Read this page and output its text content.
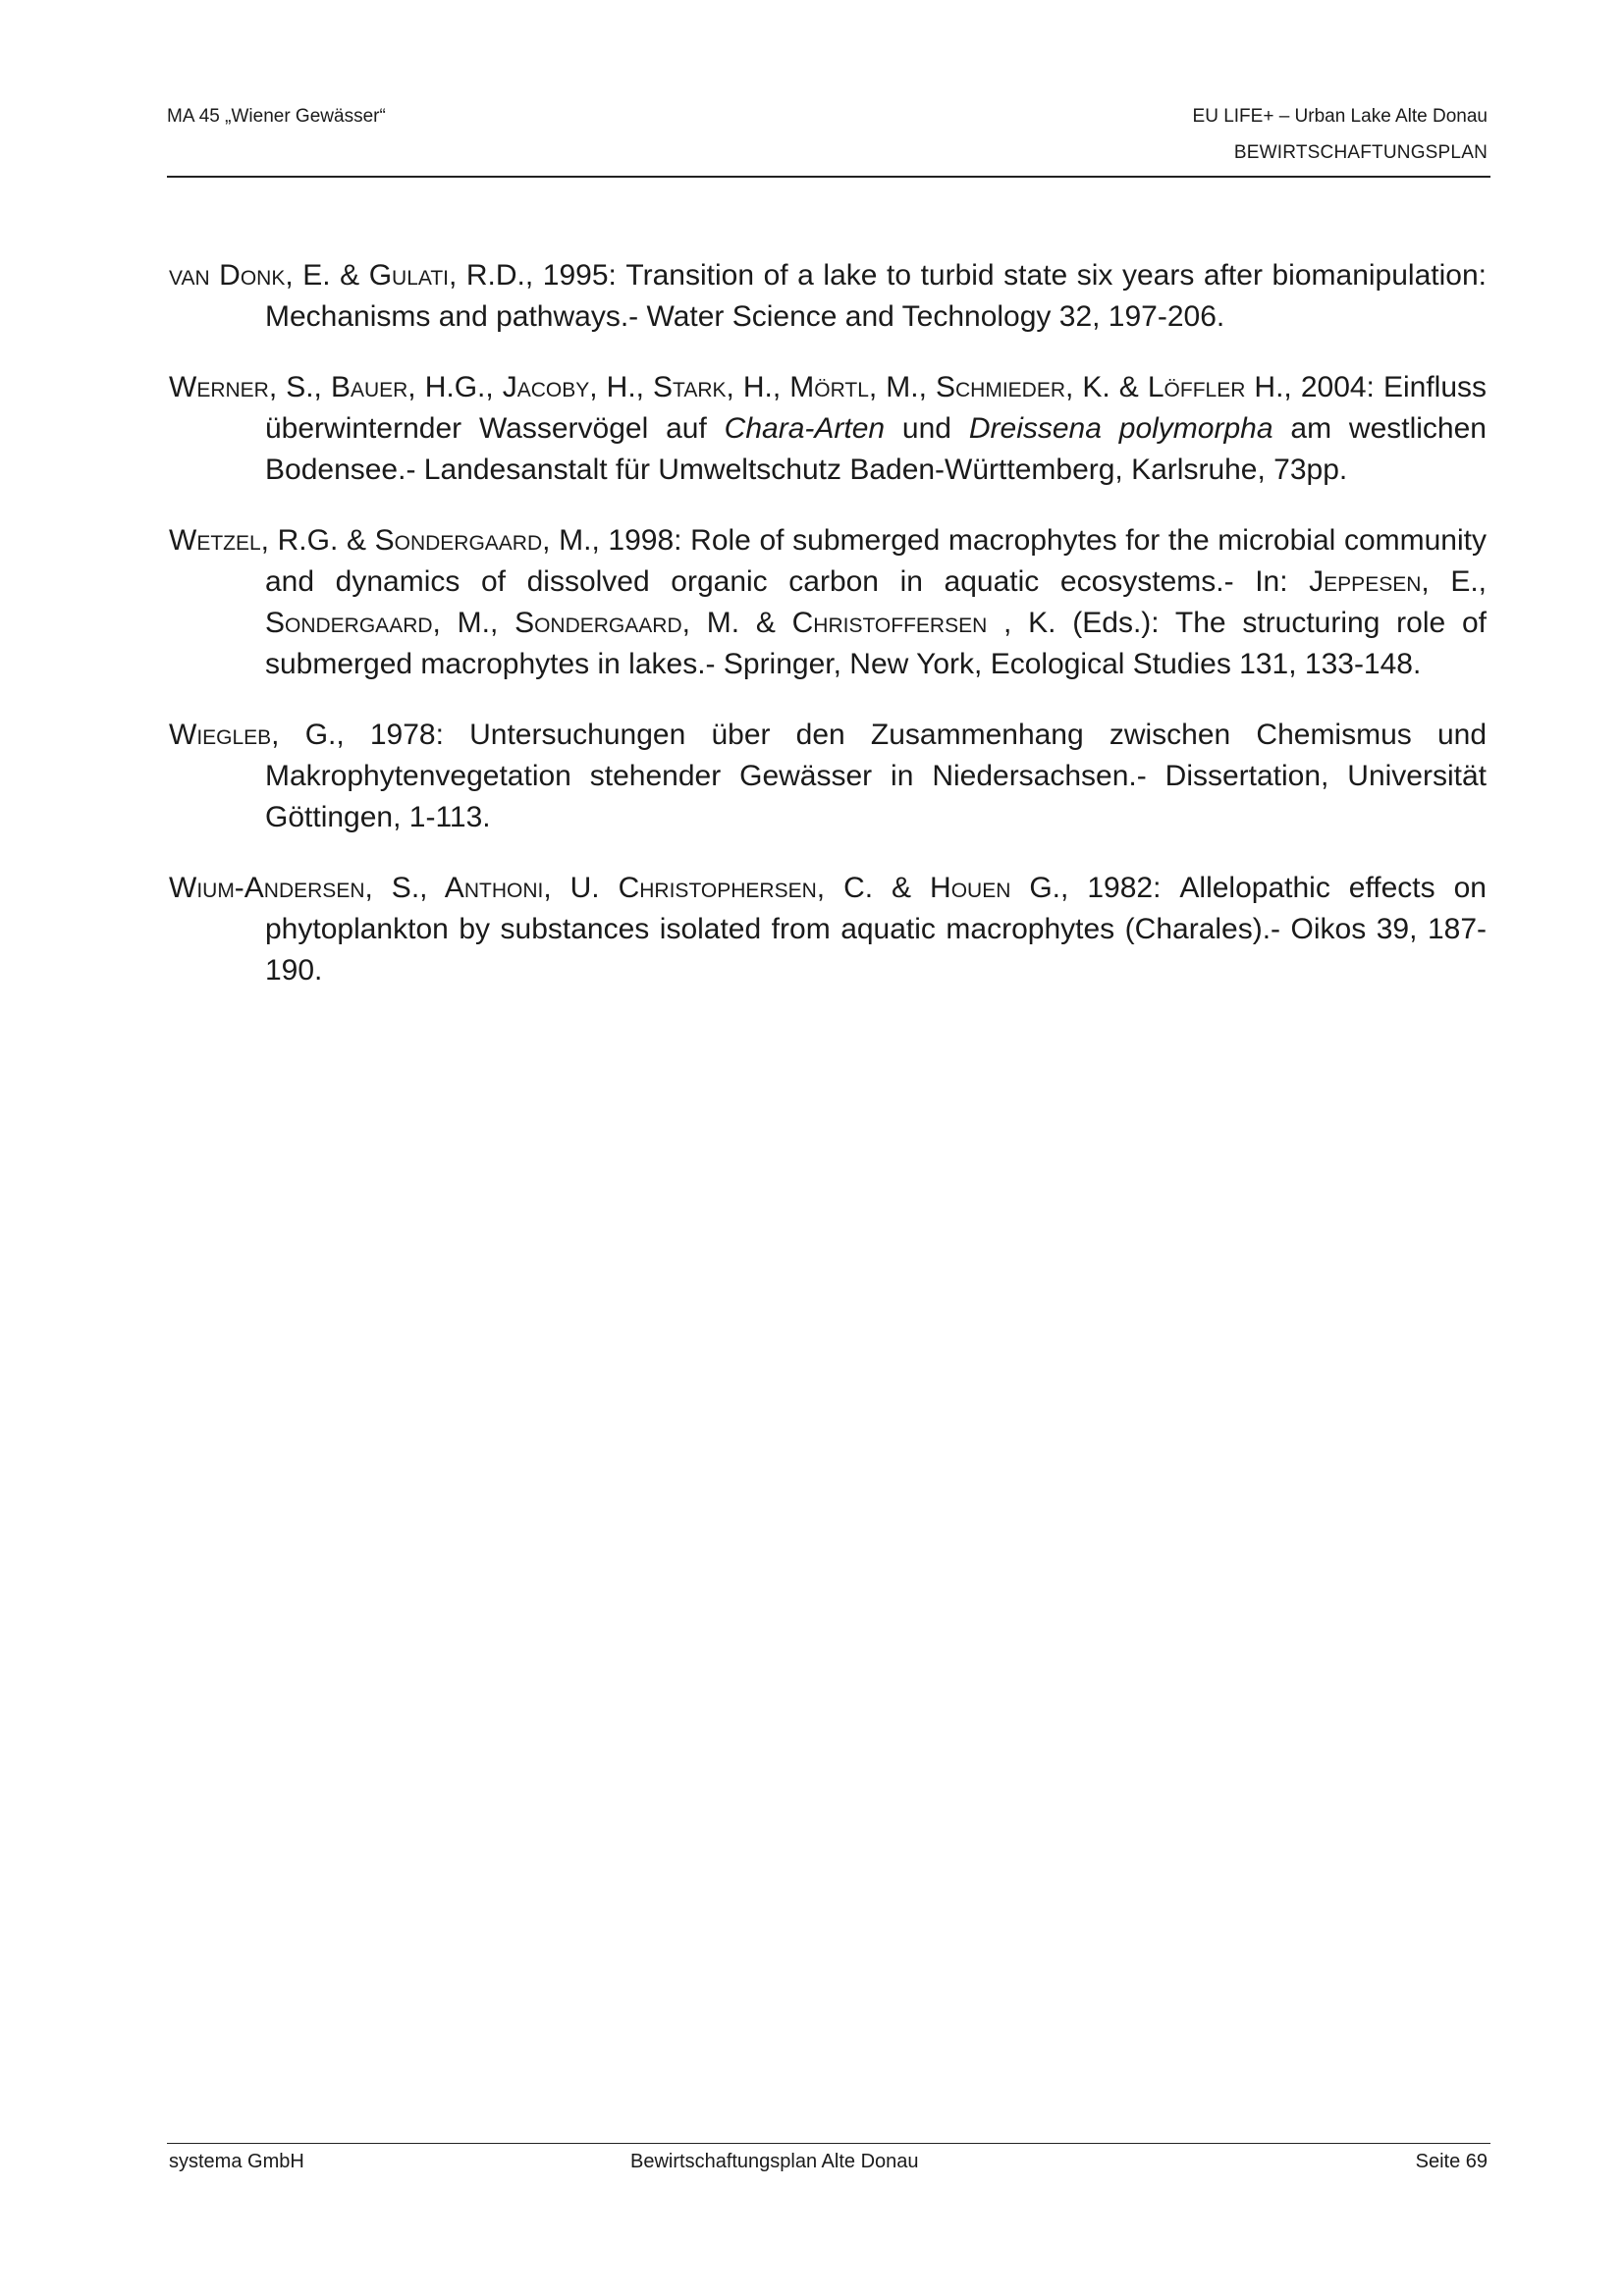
MA 45 „Wiener Gewässer“	EU LIFE+ – Urban Lake Alte Donau
BEWIRTSCHAFTUNGSPLAN

van Donk, E. & Gulati, R.D., 1995: Transition of a lake to turbid state six years after biomanipulation: Mechanisms and pathways.- Water Science and Technology 32, 197-206.

Werner, S., Bauer, H.G., Jacoby, H., Stark, H., Mörtl, M., Schmieder, K. & Löffler H., 2004: Einfluss überwinternder Wasservögel auf Chara-Arten und Dreissena polymorpha am westlichen Bodensee.- Landesanstalt für Umweltschutz Baden-Württemberg, Karlsruhe, 73pp.

Wetzel, R.G. & Sondergaard, M., 1998: Role of submerged macrophytes for the microbial community and dynamics of dissolved organic carbon in aquatic ecosystems.- In: Jeppesen, E., Sondergaard, M., Sondergaard, M. & Christoffersen , K. (Eds.): The structuring role of submerged macrophytes in lakes.- Springer, New York, Ecological Studies 131, 133-148.

Wiegleb, G., 1978: Untersuchungen über den Zusammenhang zwischen Chemismus und Makrophytenvegetation stehender Gewässer in Niedersachsen.- Dissertation, Universität Göttingen, 1-113.

Wium-Andersen, S., Anthoni, U. Christophersen, C. & Houen G., 1982: Allelopathic effects on phytoplankton by substances isolated from aquatic macrophytes (Charales).- Oikos 39, 187-190.

systema GmbH	Bewirtschaftungsplan Alte Donau	Seite 69
